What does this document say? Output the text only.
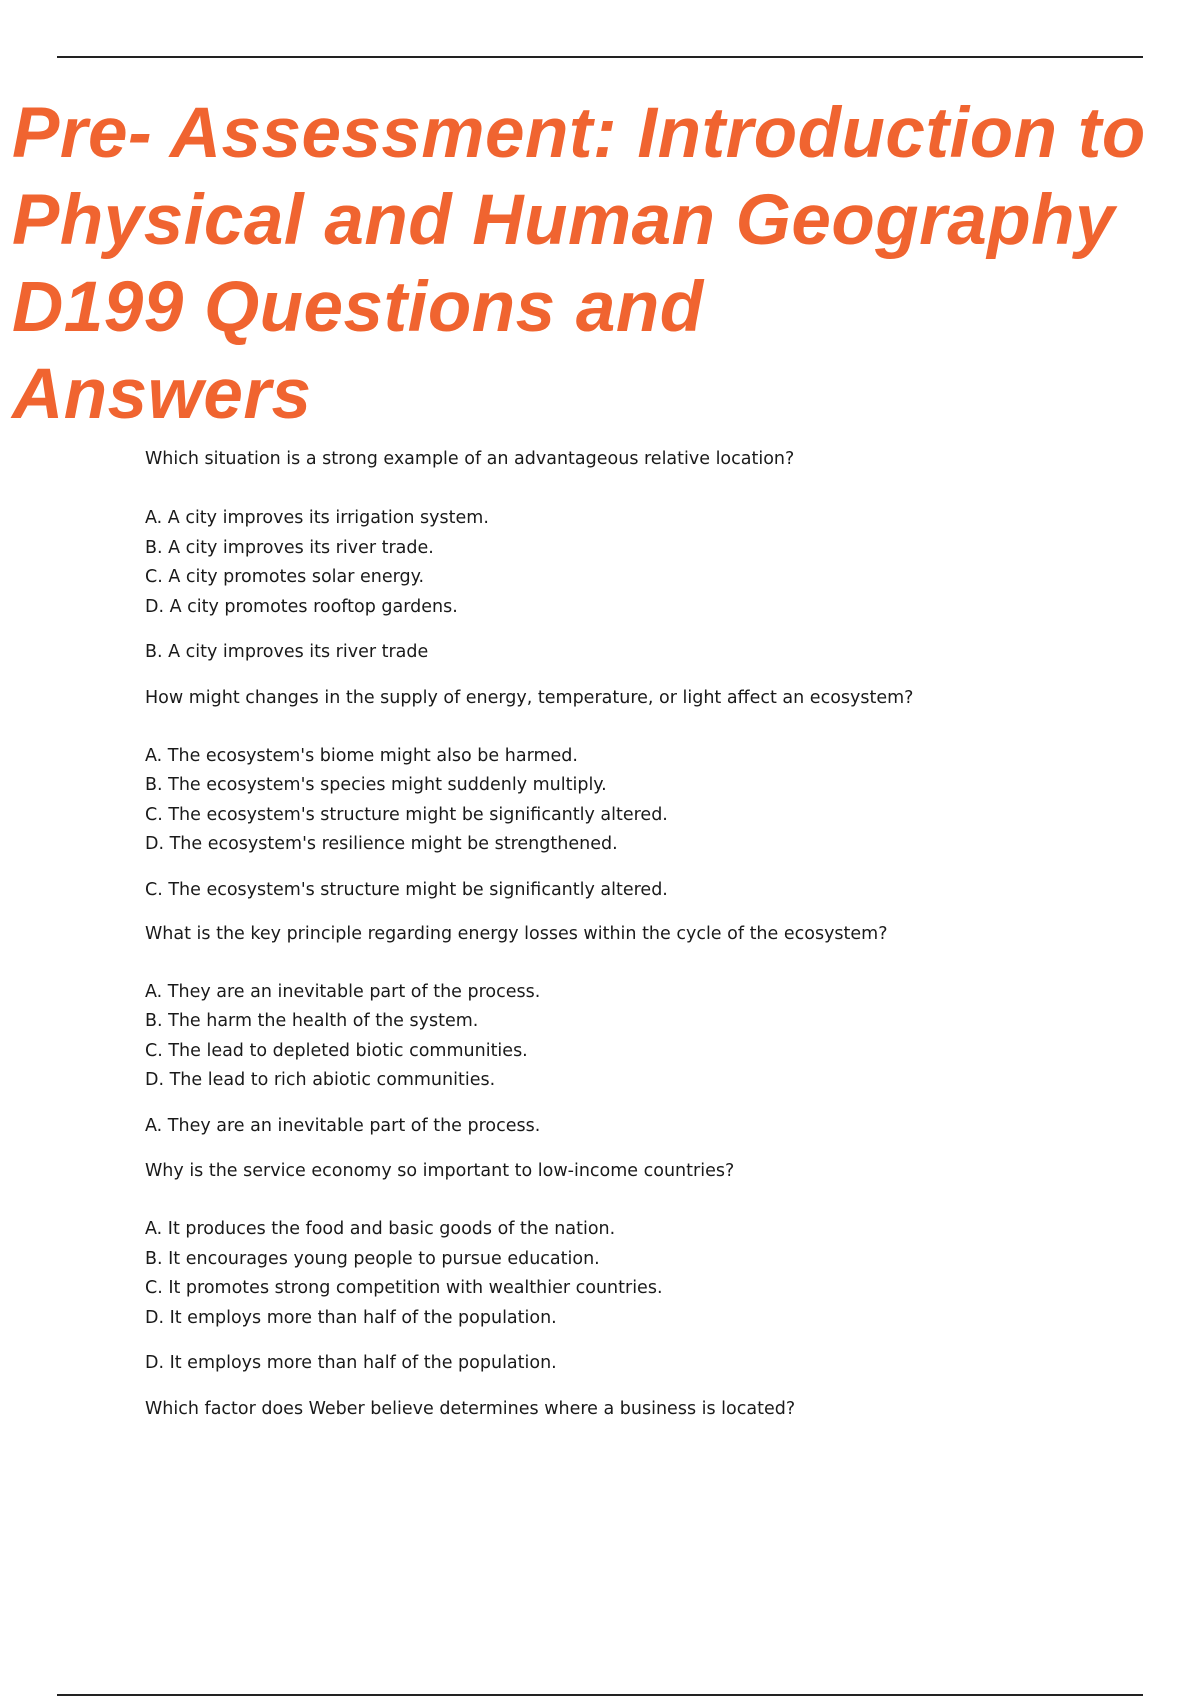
Pre- Assessment: Introduction to
Physical and Human Geography
D199 Questions and
Answers
Which situation is a strong example of an advantageous relative location?
A. A city improves its irrigation system.
B. A city improves its river trade.
C. A city promotes solar energy.
D. A city promotes rooftop gardens.
B. A city improves its river trade
How might changes in the supply of energy, temperature, or light affect an ecosystem?
A. The ecosystem's biome might also be harmed.
B. The ecosystem's species might suddenly multiply.
C. The ecosystem's structure might be significantly altered.
D. The ecosystem's resilience might be strengthened.
C. The ecosystem's structure might be significantly altered.
What is the key principle regarding energy losses within the cycle of the ecosystem?
A. They are an inevitable part of the process.
B. The harm the health of the system.
C. The lead to depleted biotic communities.
D. The lead to rich abiotic communities.
A. They are an inevitable part of the process.
Why is the service economy so important to low-income countries?
A. It produces the food and basic goods of the nation.
B. It encourages young people to pursue education.
C. It promotes strong competition with wealthier countries.
D. It employs more than half of the population.
D. It employs more than half of the population.
Which factor does Weber believe determines where a business is located?
